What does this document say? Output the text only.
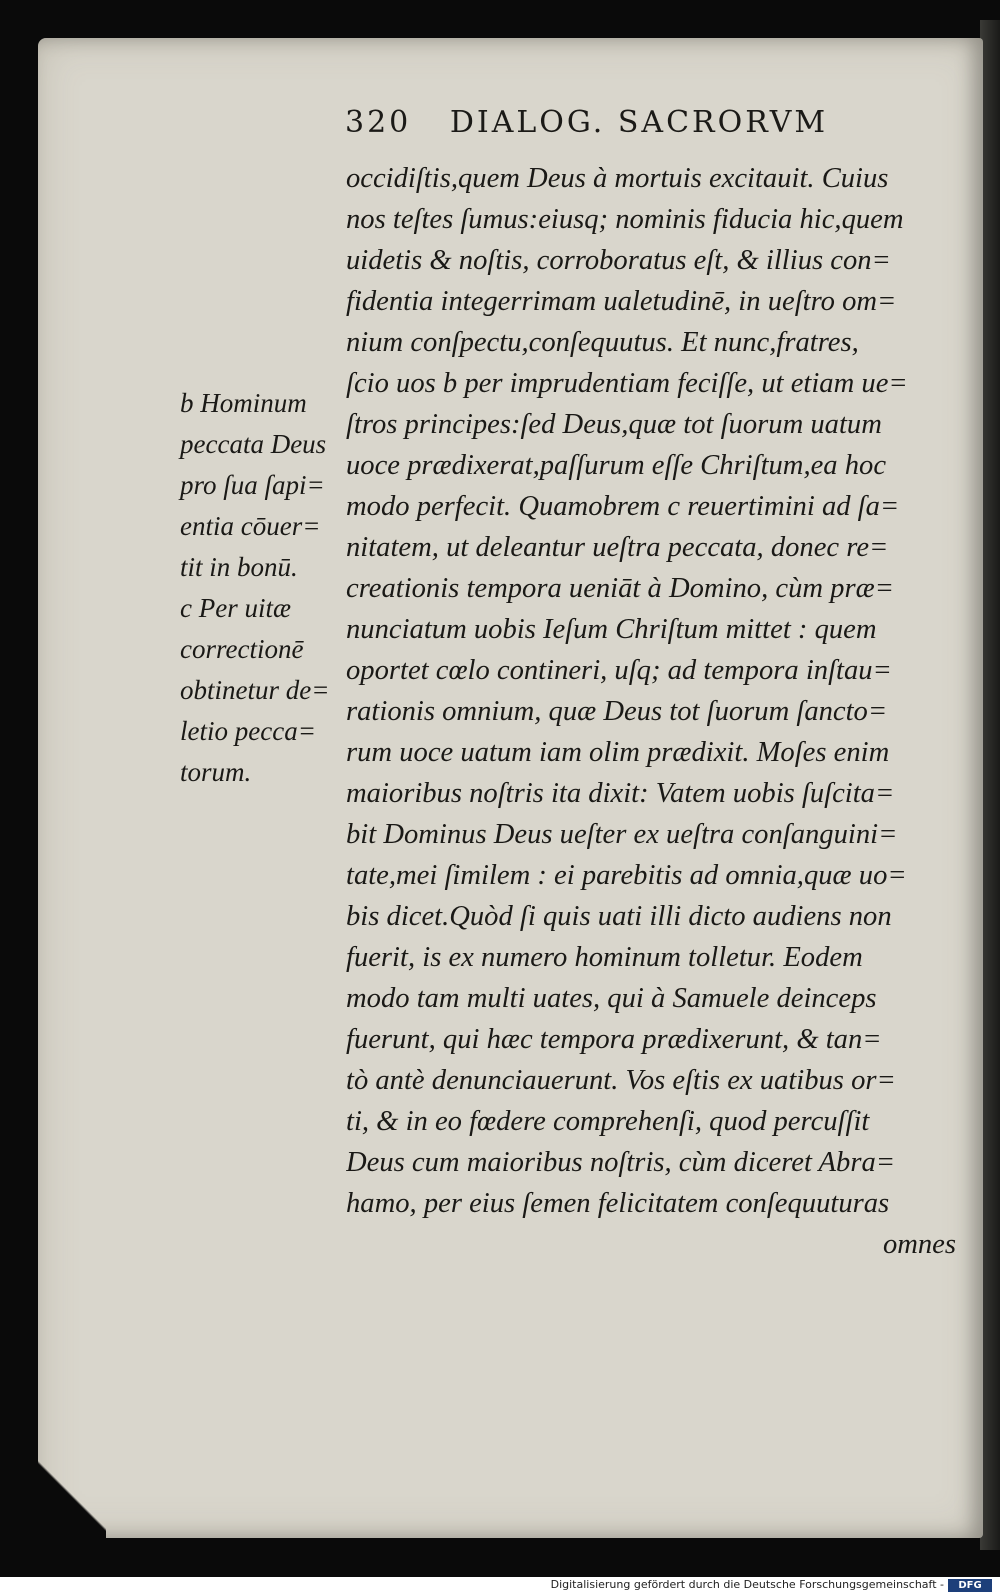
320 DIALOG. SACRORVM
occidiſtis,quem Deus à mortuis excitauit. Cuius
nos teſtes ſumus:eiusq; nominis fiducia hic,quem
uidetis & noſtis, corroboratus eſt, & illius con=
fidentia integerrimam ualetudinē, in ueſtro om=
nium conſpectu,conſequutus. Et nunc,fratres,
ſcio uos b per imprudentiam feciſſe, ut etiam ue=
ſtros principes:ſed Deus,quæ tot ſuorum uatum
uoce prædixerat,paſſurum eſſe Chriſtum,ea hoc
modo perfecit. Quamobrem c reuertimini ad ſa=
nitatem, ut deleantur ueſtra peccata, donec re=
creationis tempora ueniāt à Domino, cùm præ=
nunciatum uobis Ieſum Chriſtum mittet : quem
oportet cœlo contineri, uſq; ad tempora inſtau=
rationis omnium, quæ Deus tot ſuorum ſancto=
rum uoce uatum iam olim prædixit. Moſes enim
maioribus noſtris ita dixit: Vatem uobis ſuſcita=
bit Dominus Deus ueſter ex ueſtra conſanguini=
tate,mei ſimilem : ei parebitis ad omnia,quæ uo=
bis dicet.Quòd ſi quis uati illi dicto audiens non
fuerit, is ex numero hominum tolletur. Eodem
modo tam multi uates, qui à Samuele deinceps
fuerunt, qui hæc tempora prædixerunt, & tan=
tò antè denunciauerunt. Vos eſtis ex uatibus or=
ti, & in eo fœdere comprehenſi, quod percuſſit
Deus cum maioribus noſtris, cùm diceret Abra=
hamo, per eius ſemen felicitatem conſequuturas
omnes
b Hominum
peccata Deus
pro ſua ſapi=
entia cōuer=
tit in bonū.
c Per uitæ
correctionē
obtinetur de=
letio pecca=
torum.
Digitalisierung gefördert durch die Deutsche Forschungsgemeinschaft -	DFG
